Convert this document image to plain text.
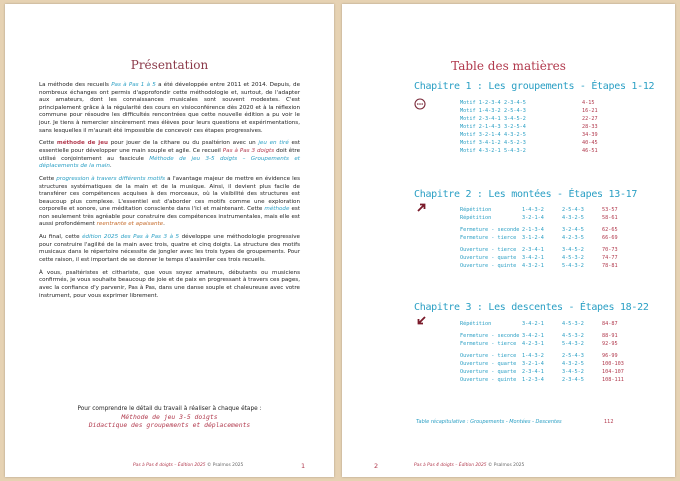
Présentation

La méthode des recueils Pas à Pas 1 à 5 a été développée entre 2011 et 2014. Depuis, de nombreux échanges ont permis d'approfondir cette méthodologie et, surtout, de l'adapter aux amateurs, dont les connaissances musicales sont souvent modestes. C'est principalement grâce à la régularité des cours en visioconférence dès 2020 et à la réflexion commune pour résoudre les difficultés rencontrées que cette nouvelle édition a pu voir le jour. Je tiens à remercier sincèrement mes élèves pour leurs questions et expérimentations, sans lesquelles il m'aurait été impossible de concevoir ces étapes progressives.

Cette méthode de jeu pour jouer de la cithare ou du psaltérion avec un jeu en tiré est essentielle pour développer une main souple et agile. Ce recueil Pas à Pas 3 doigts doit être utilisé conjointement au fascicule Méthode de jeu 3-5 doigts – Groupements et déplacements de la main.

Cette progression à travers différents motifs a l'avantage majeur de mettre en évidence les structures systématiques de la main et de la musique. Ainsi, il devient plus facile de transférer ces compétences acquises à des morceaux, où la visibilité des structures est beaucoup plus complexe. L'essentiel est d'aborder ces motifs comme une exploration corporelle et sonore, une méditation consciente dans l'ici et maintenant. Cette méthode est non seulement très agréable pour construire des compétences instrumentales, mais elle est aussi profondément reentrante et apaisante.

Au final, cette édition 2025 des Pas à Pas 3 à 5 développe une méthodologie progressive pour construire l'agilité de la main avec trois, quatre et cinq doigts. La structure des motifs musicaux dans le répertoire nécessite de jongler avec les trois types de groupements. Pour cette raison, il est important de se donner le temps d'assimiler ces trois recueils.

À vous, psaltéristes et cithariste, que vous soyez amateurs, débutants ou musiciens confirmés, je vous souhaite beaucoup de joie et de paix en progressant à travers ces pages, avec la confiance d'y parvenir, Pas à Pas, dans une danse souple et chaleureuse avec votre instrument, pour vous exprimer librement.

Pour comprendre le détail du travail à réaliser à chaque étape :
Méthode de jeu 3-5 doigts
Didactique des groupements et déplacements
Pas à Pas 4 doigts – Édition 2025 © Psalmos 2025	1
Table des matières
Chapitre 1 : Les groupements - Étapes 1-12
Motif 1-2-3-4 2-3-4-5	4-15
Motif 1-4-3-2 2-5-4-3	16-21
Motif 2-3-4-1 3-4-5-2	22-27
Motif 2-1-4-3 3-2-5-4	28-33
Motif 3-2-1-4 4-3-2-5	34-39
Motif 3-4-1-2 4-5-2-3	40-45
Motif 4-3-2-1 5-4-3-2	46-51
Chapitre 2 : Les montées - Étapes 13-17
Répétition	1-4-3-2	2-5-4-3	53-57
Répétition	3-2-1-4	4-3-2-5	58-61
Fermeture - seconde 2-1-3-4	3-2-4-5	62-65
Fermeture - tierce 3-1-2-4	4-2-3-5	66-69
Ouverture - tierce 2-3-4-1	3-4-5-2	70-73
Ouverture - quarte 3-4-2-1	4-5-3-2	74-77
Ouverture - quinte 4-3-2-1	5-4-3-2	78-81
Chapitre 3 : Les descentes - Étapes 18-22
Répétition	3-4-2-1	4-5-3-2	84-87
Fermeture - seconde 3-4-2-1	4-5-3-2	88-91
Fermeture - tierce 4-2-3-1	5-4-3-2	92-95
Ouverture - tierce 1-4-3-2	2-5-4-3	96-99
Ouverture - quarte 3-2-1-4	4-3-2-5	100-103
Ouverture - quarte 2-3-4-1	3-4-5-2	104-107
Ouverture - quinte 1-2-3-4	2-3-4-5	108-111
Table récapitulative : Groupements - Montées - Descentes	112
Pas à Pas 4 doigts – Édition 2025 © Psalmos 2025
2
